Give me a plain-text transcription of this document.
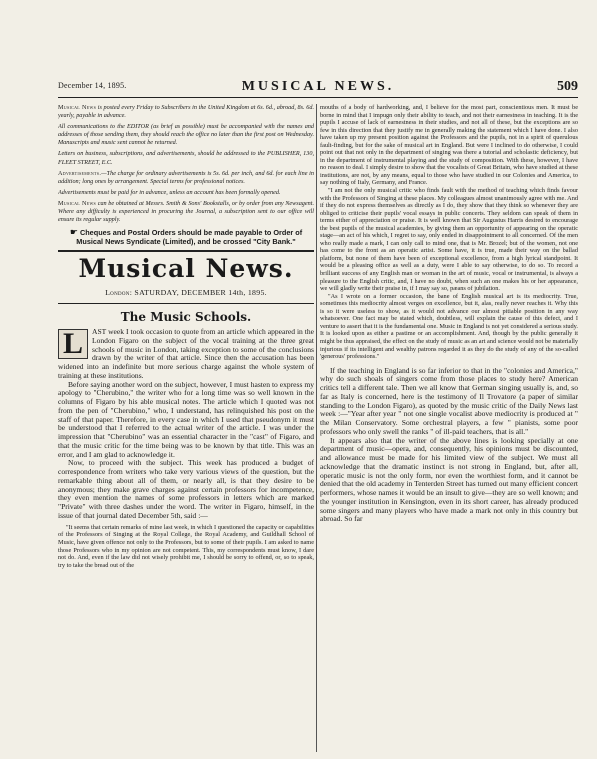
December 14, 1895.	MUSICAL NEWS.	509

Musical News is posted every Friday to Subscribers in the United Kingdom at 6s. 6d., abroad, 8s. 6d. yearly, payable in advance.

All communications to the EDITOR (as brief as possible) must be accompanied with the names and addresses of those sending them, they should reach the office no later than the first post on Wednesday. Manuscripts and music sent cannot be returned.

Letters on business, subscriptions, and advertisements, should be addressed to the PUBLISHER, 130, FLEET STREET, E.C.

Advertisements.—The charge for ordinary advertisements is 5s. 6d. per inch, and 6d. for each line in addition; long ones by arrangement. Special terms for professional notices.

Advertisements must be paid for in advance, unless an account has been formally opened.

Musical News can be obtained at Messrs. Smith & Sons' Bookstalls, or by order from any Newsagent. Where any difficulty is experienced in procuring the Journal, a subscription sent to our office will ensure its regular supply.

☛ Cheques and Postal Orders should be made payable to Order of Musical News Syndicate (Limited), and be crossed "City Bank."

Musical News.
London: SATURDAY, DECEMBER 14th, 1895.
The Music Schools.

L	AST week I took occasion to quote from an article which appeared in the London Figaro on the subject of the vocal training at the three great schools of music in London, taking exception to some of the conclusions drawn by the writer of that article. Since then the accusation has been widened into an indefinite but more serious charge against the whole system of training at these institutions.

Before saying another word on the subject, however, I must hasten to express my apology to "Cherubino," the writer who for a long time was so well known in the columns of Figaro by his able musical notes. The article which I quoted was not from the pen of "Cherubino," who, I understand, has relinquished his post on the staff of that paper. Therefore, in every case in which I used that pseudonym it must be understood that I referred to the actual writer of the article. I was under the impression that "Cherubino" was an essential character in the "cast" of Figaro, and that the music critic for the time being was to be known by that title. This was an error, and I am glad to acknowledge it.

Now, to proceed with the subject. This week has produced a budget of correspondence from writers who take very various views of the question, but the remarkable thing about all of them, or nearly all, is that they desire to be anonymous; they make grave charges against certain professors for incompetence, they even mention the names of some professors in letters which are marked "Private" with three dashes under the word. The writer in Figaro, himself, in the issue of that journal dated December 5th, said :—

"It seems that certain remarks of mine last week, in which I questioned the capacity or capabilities of the Professors of Singing at the Royal College, the Royal Academy, and Guildhall School of Music, have given offence not only to the Professors, but to some of their pupils. I am asked to name those Professors who in my opinion are not competent. This, my correspondents must know, I dare not do. And, even if the law did not wisely prohibit me, I should be sorry to offend, or, so to speak, try to take the bread out of the

mouths of a body of hardworking, and, I believe for the most part, conscientious men. It must be borne in mind that I impugn only their ability to teach, and not their earnestness in teaching. It is the pupils I accuse of lack of earnestness in their studies, and not all of these, but the exceptions are so few in this direction that they justify me in generally making the statement which I have done. I also have taken up my present position against the Professors and the pupils, not in a spirit of querulous fault-finding, but for the sake of musical art in England. But were I inclined to do otherwise, I could point out that not only in the department of singing was there a tutorial and scholastic deficiency, but in the department of instrumental playing and the study of composition. With these, however, I have no reason to deal. I simply desire to show that the vocalists of Great Britain, who have studied at these institutions, are not, by any means, equal to those who have studied in our Colonies and America, to say nothing of Italy, Germany, and France.

"I am not the only musical critic who finds fault with the method of teaching which finds favour with the Professors of Singing at these places. My colleagues almost unanimously agree with me. And if they do not express themselves as directly as I do, they show that they think so whenever they are obliged to criticise their pupils' vocal essays in public concerts. They seldom can speak of them in terms either of appreciation or praise. It is well known that Sir Augustus Harris desired to encourage the best pupils of the musical academies, by giving them an opportunity of appearing on the operatic stage—an act of his which, I regret to say, only ended in disappointment to all concerned. Of the men who really made a mark, I can only call to mind one, that is Mr. Brozel; but of the women, not one has come to the front as an operatic artist. Some have, it is true, made their way on the ballad platform, but none of them have been of exceptional excellence, from a high lyrical standpoint. It would be a pleasing office as well as a duty, were I able to say otherwise, to do so. To record a brilliant success of any English man or woman in the art of music, vocal or instrumental, is always a pleasure to the English critic, and, I have no doubt, when such an one makes his or her appearance, we will gladly write their praise in, if I may say so, pæans of jubilation.

"As I wrote on a former occasion, the bane of English musical art is its mediocrity. True, sometimes this mediocrity almost verges on excellence, but it, alas, really never reaches it. Why this is so it were useless to show, as it would not advance our almost pitiable position in any way whatsoever. One fact may be stated which, doubtless, will explain the cause of this defect, and I venture to assert that it is the fundamental one. Music in England is not yet considered a serious study. It is looked upon as either a pastime or an accomplishment. And, though by the public generally it might be thus appraised, the effect on the study of music as an art and science would not be materially injurious if its intelligent and wealthy patrons regarded it as they do the study of any of the so-called 'generous' professions."

If the teaching in England is so far inferior to that in the "colonies and America," why do such shoals of singers come from those places to study here? American critics tell a different tale. Then we all know that German singing usually is, and, so far as Italy is concerned, here is the testimony of Il Trovatore (a paper of similar standing to the London Figaro), as quoted by the music critic of the Daily News last week :—"Year after year " not one single vocalist above mediocrity is produced at " the Milan Conservatory. Some orchestral players, a few " pianists, some poor professors who only swell the ranks " of ill-paid teachers, that is all."

It appears also that the writer of the above lines is looking specially at one department of music—opera, and, consequently, his opinions must be discounted, and allowance must be made for his limited view of the subject. We must all acknowledge that the dramatic instinct is not strong in England, but, after all, operatic music is not the only form, nor even the worthiest form, and it cannot be denied that the old academy in Tenterden Street has turned out many efficient concert performers, whose names it would be an insult to give—they are so well known; and the younger institution in Kensington, even in its short career, has already produced some singers and many players who have made a mark not only in this country but abroad. So far
